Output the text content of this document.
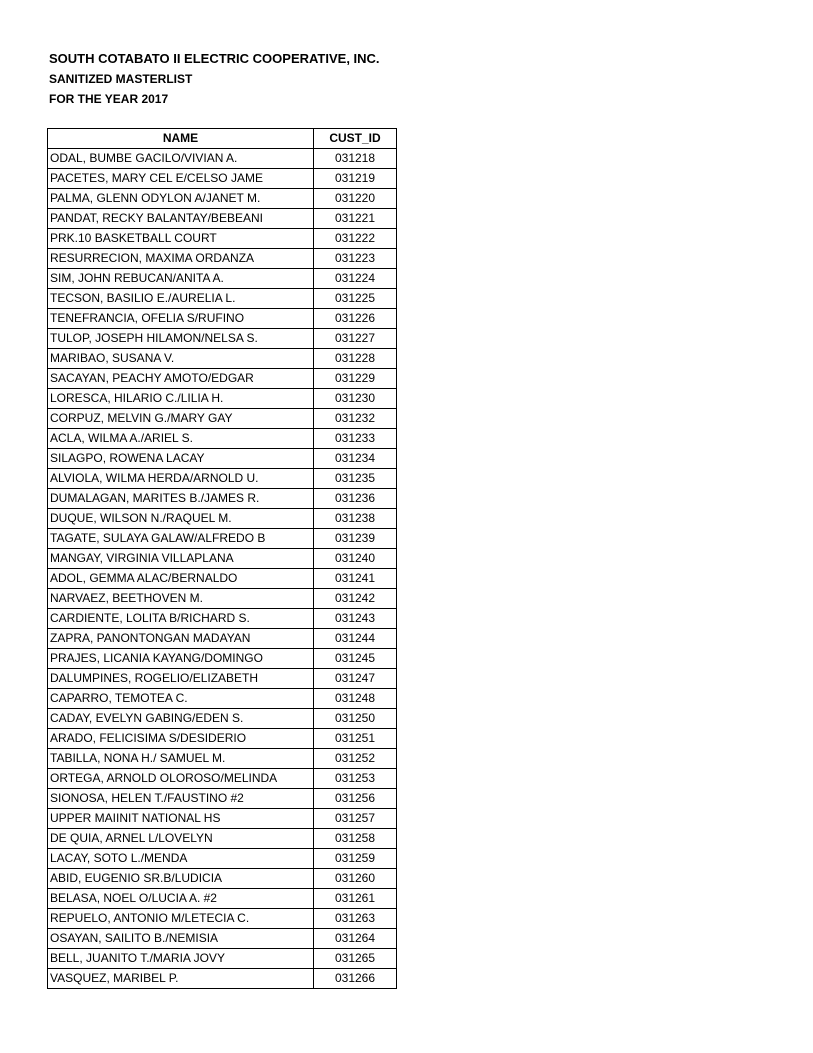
SOUTH COTABATO II ELECTRIC COOPERATIVE, INC.
SANITIZED MASTERLIST
FOR THE YEAR 2017
NAME	CUST_ID
ODAL, BUMBE GACILO/VIVIAN A.	031218
PACETES, MARY CEL E/CELSO JAME	031219
PALMA, GLENN ODYLON A/JANET M.	031220
PANDAT, RECKY BALANTAY/BEBEANI	031221
PRK.10 BASKETBALL COURT	031222
RESURRECION, MAXIMA ORDANZA	031223
SIM, JOHN REBUCAN/ANITA A.	031224
TECSON, BASILIO E./AURELIA L.	031225
TENEFRANCIA, OFELIA S/RUFINO	031226
TULOP, JOSEPH HILAMON/NELSA S.	031227
MARIBAO, SUSANA V.	031228
SACAYAN, PEACHY AMOTO/EDGAR	031229
LORESCA, HILARIO C./LILIA H.	031230
CORPUZ, MELVIN G./MARY GAY	031232
ACLA, WILMA A./ARIEL S.	031233
SILAGPO, ROWENA LACAY	031234
ALVIOLA, WILMA HERDA/ARNOLD U.	031235
DUMALAGAN, MARITES B./JAMES R.	031236
DUQUE, WILSON N./RAQUEL M.	031238
TAGATE, SULAYA GALAW/ALFREDO B	031239
MANGAY, VIRGINIA VILLAPLANA	031240
ADOL, GEMMA ALAC/BERNALDO	031241
NARVAEZ, BEETHOVEN M.	031242
CARDIENTE, LOLITA B/RICHARD S.	031243
ZAPRA, PANONTONGAN MADAYAN	031244
PRAJES, LICANIA KAYANG/DOMINGO	031245
DALUMPINES, ROGELIO/ELIZABETH	031247
CAPARRO, TEMOTEA C.	031248
CADAY, EVELYN GABING/EDEN S.	031250
ARADO, FELICISIMA S/DESIDERIO	031251
TABILLA, NONA H./ SAMUEL M.	031252
ORTEGA, ARNOLD OLOROSO/MELINDA	031253
SIONOSA, HELEN T./FAUSTINO #2	031256
UPPER MAIINIT NATIONAL HS	031257
DE QUIA, ARNEL L/LOVELYN	031258
LACAY, SOTO L./MENDA	031259
ABID, EUGENIO SR.B/LUDICIA	031260
BELASA, NOEL O/LUCIA A. #2	031261
REPUELO, ANTONIO M/LETECIA C.	031263
OSAYAN, SAILITO B./NEMISIA	031264
BELL, JUANITO T./MARIA JOVY	031265
VASQUEZ, MARIBEL P.	031266
